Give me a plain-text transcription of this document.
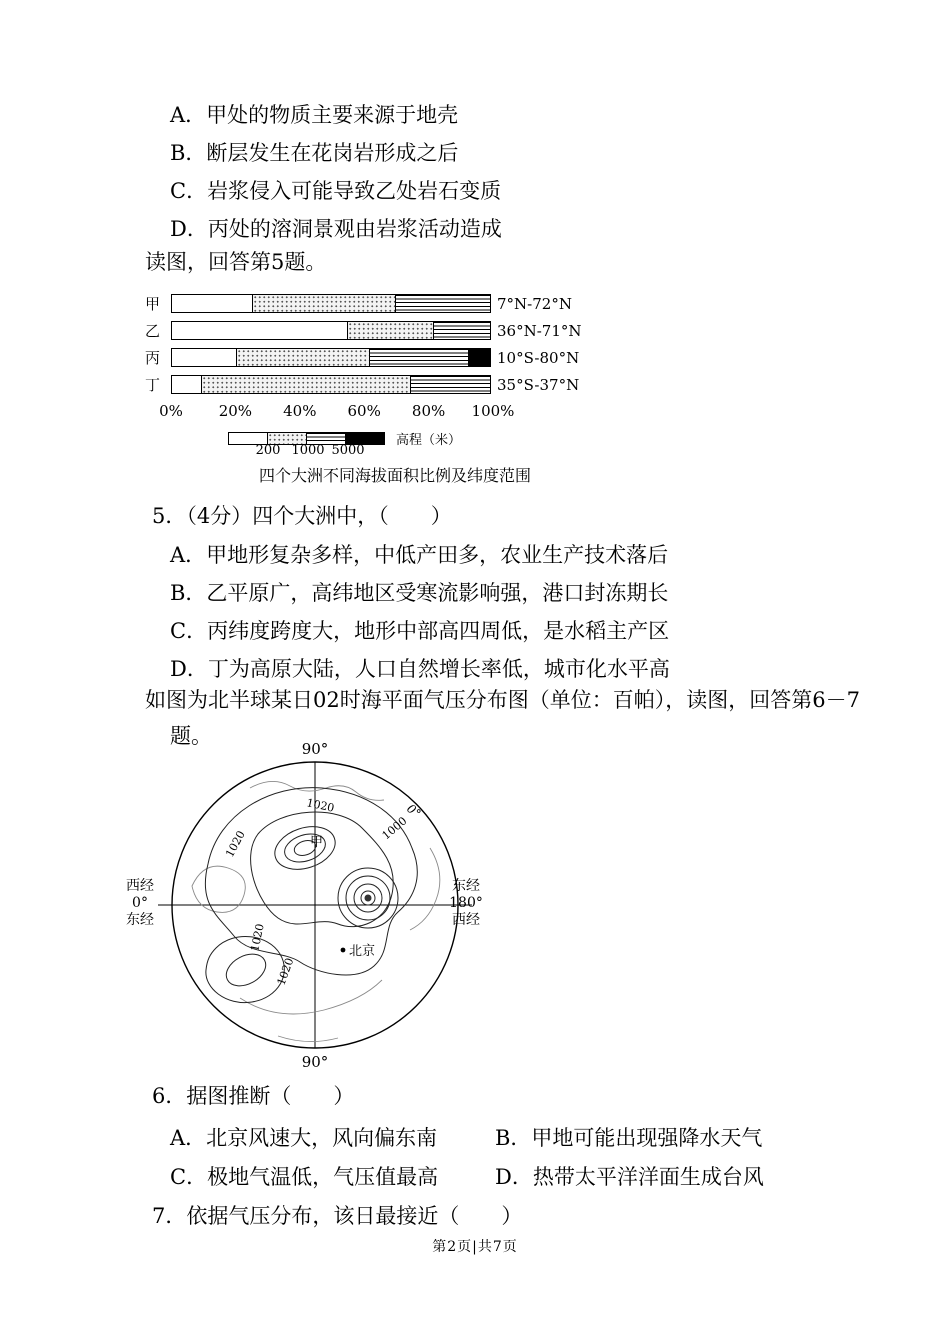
A．甲处的物质主要来源于地壳
B．断层发生在花岗岩形成之后
C．岩浆侵入可能导致乙处岩石变质
D．丙处的溶洞景观由岩浆活动造成
读图，回答第5题。
甲	7°N-72°N
乙	36°N-71°N
丙	10°S-80°N
丁	35°S-37°N
0% 20% 40% 60% 80% 100%
高程（米）
200 1000 5000
四个大洲不同海拔面积比例及纬度范围
5．（4分）四个大洲中，（　　）
A．甲地形复杂多样，中低产田多，农业生产技术落后
B．乙平原广，高纬地区受寒流影响强，港口封冻期长
C．丙纬度跨度大，地形中部高四周低，是水稻主产区
D．丁为高原大陆，人口自然增长率低，城市化水平高
如图为北半球某日02时海平面气压分布图（单位：百帕），读图，回答第6－7
题。
90°
90°
西经
0°
东经
东经
180°
西经
1020
1020
1000
1020
1020
0°
甲
北京
6．据图推断（　　）
A．北京风速大，风向偏东南	B．甲地可能出现强降水天气
C．极地气温低，气压值最高	D．热带太平洋洋面生成台风
7．依据气压分布，该日最接近（　　）
第2页|共7页
